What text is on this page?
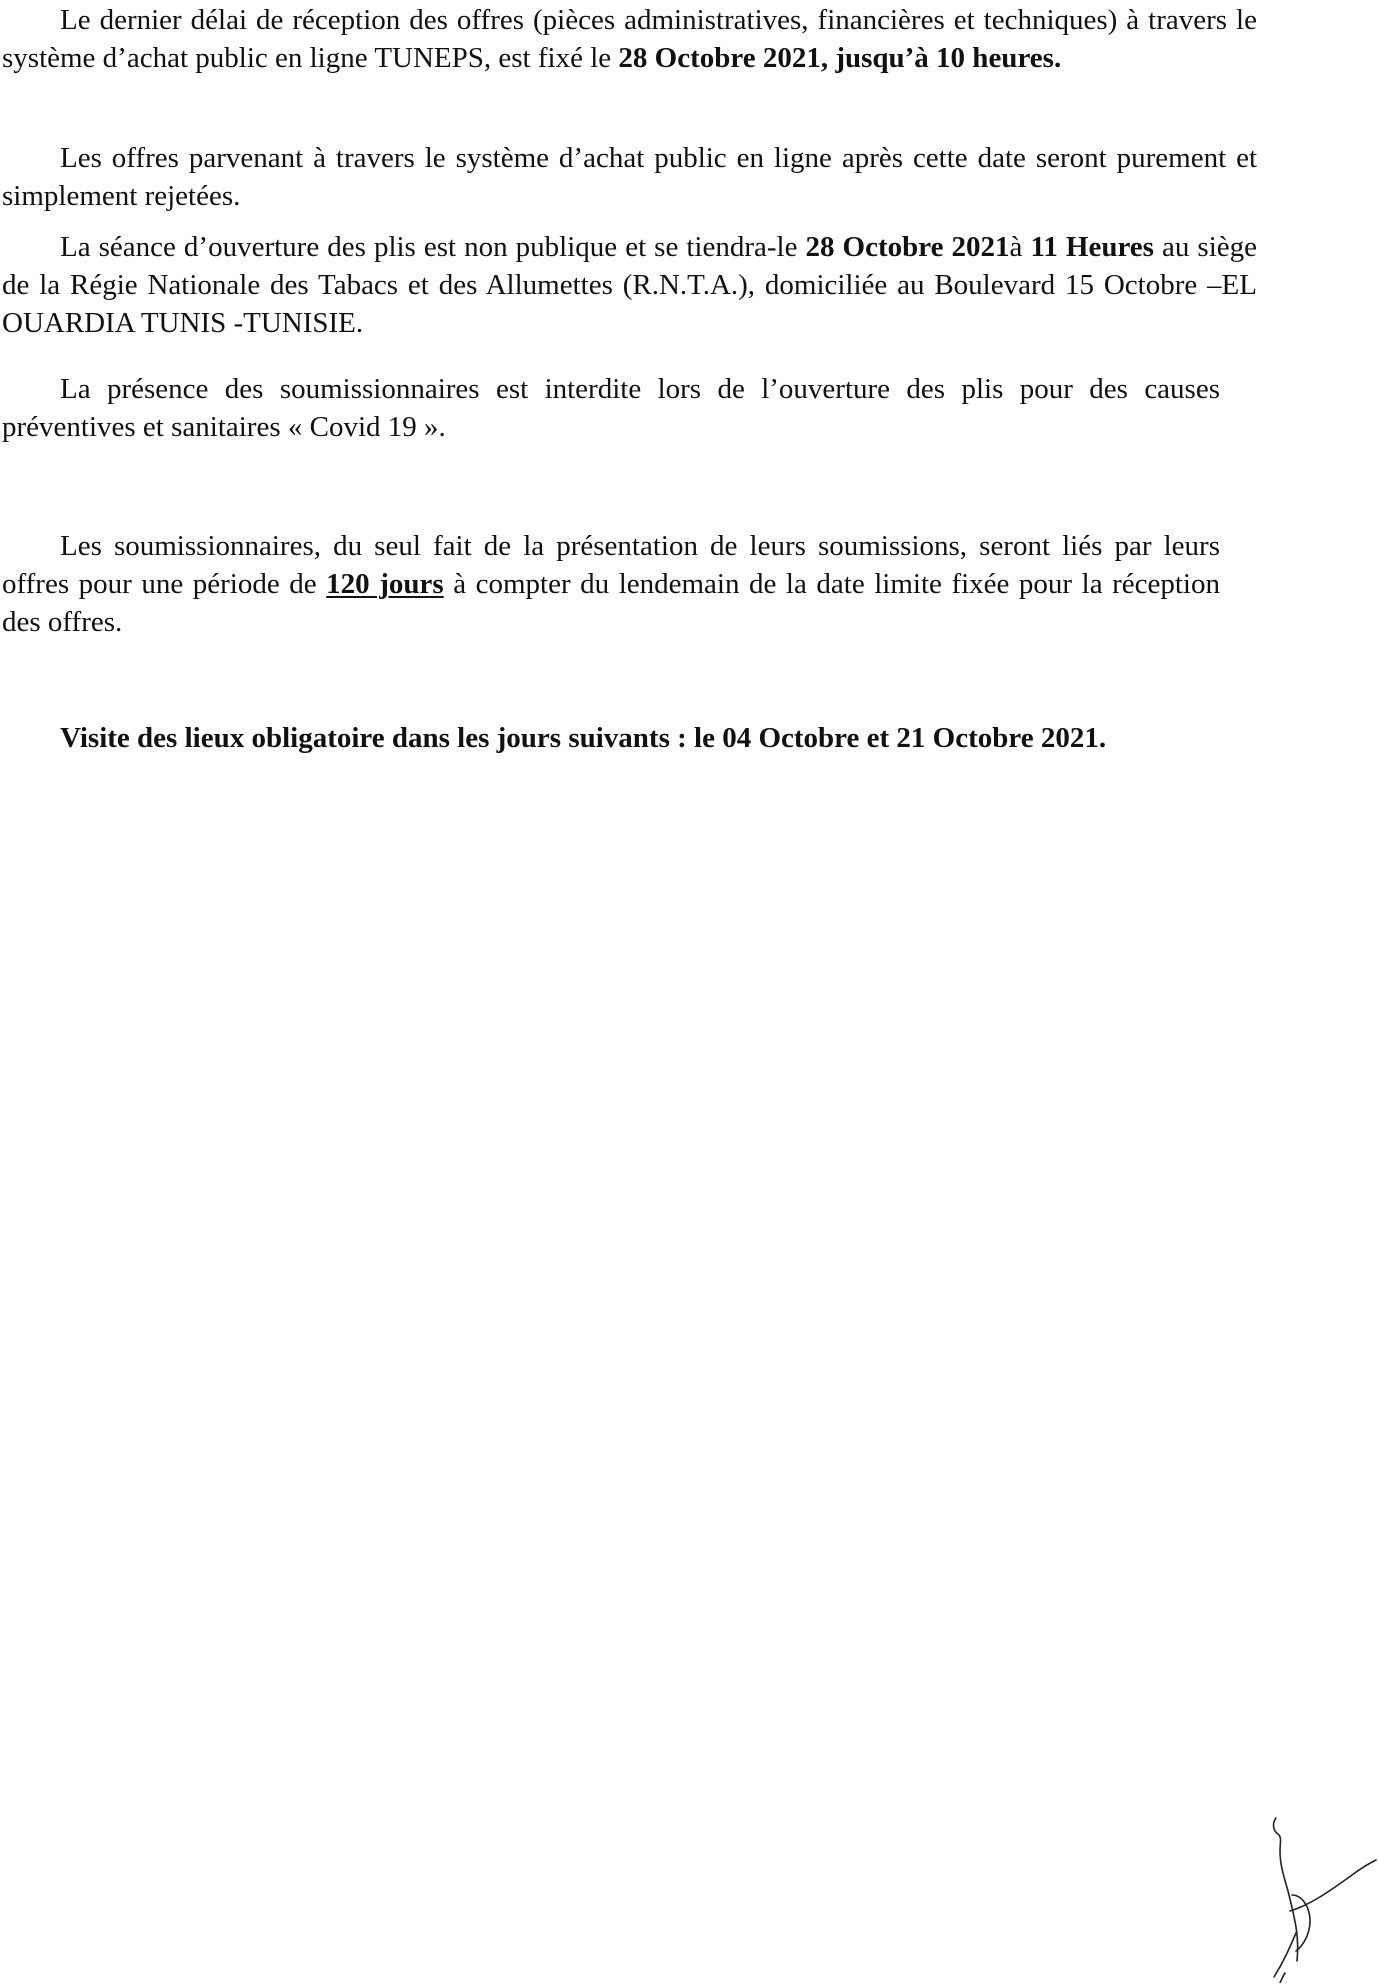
Le dernier délai de réception des offres (pièces administratives, financières et techniques) à travers le système d’achat public en ligne TUNEPS, est fixé le 28 Octobre 2021, jusqu’à 10 heures.

Les offres parvenant à travers le système d’achat public en ligne après cette date seront purement et simplement rejetées.

La séance d’ouverture des plis est non publique et se tiendra-le 28 Octobre 2021à 11 Heures au siège de la Régie Nationale des Tabacs et des Allumettes (R.N.T.A.), domiciliée au Boulevard 15 Octobre –EL OUARDIA TUNIS -TUNISIE.

La présence des soumissionnaires est interdite lors de l’ouverture des plis pour des causes préventives et sanitaires « Covid 19 ».

Les soumissionnaires, du seul fait de la présentation de leurs soumissions, seront liés par leurs offres pour une période de 120 jours à compter du lendemain de la date limite fixée pour la réception des offres.

Visite des lieux obligatoire dans les jours suivants : le 04 Octobre et 21 Octobre 2021.
